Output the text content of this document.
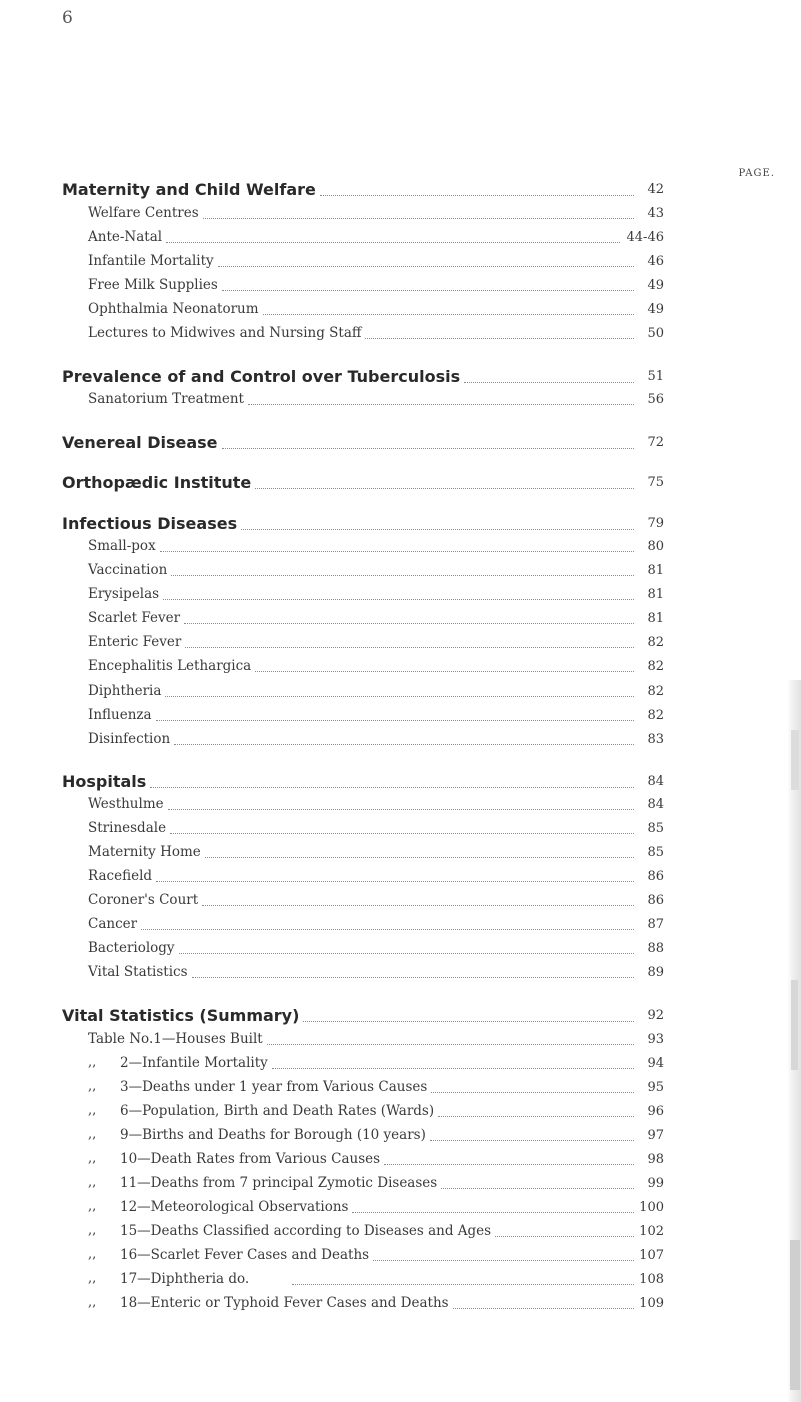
6
PAGE.
Maternity and Child Welfare	42
Welfare Centres	43
Ante-Natal	44-46
Infantile Mortality	46
Free Milk Supplies	49
Ophthalmia Neonatorum	49
Lectures to Midwives and Nursing Staff	50
Prevalence of and Control over Tuberculosis	51
Sanatorium Treatment	56
Venereal Disease	72
Orthopædic Institute	75
Infectious Diseases	79
Small-pox	80
Vaccination	81
Erysipelas	81
Scarlet Fever	81
Enteric Fever	82
Encephalitis Lethargica	82
Diphtheria	82
Influenza	82
Disinfection	83
Hospitals	84
Westhulme	84
Strinesdale	85
Maternity Home	85
Racefield	86
Coroner's Court	86
Cancer	87
Bacteriology	88
Vital Statistics	89
Vital Statistics (Summary)	92
Table No.1—Houses Built	93
,,	2—Infantile Mortality	94
,,	3—Deaths under 1 year from Various Causes	95
,,	6—Population, Birth and Death Rates (Wards)	96
,,	9—Births and Deaths for Borough (10 years)	97
,,	10—Death Rates from Various Causes	98
,,	11—Deaths from 7 principal Zymotic Diseases	99
,,	12—Meteorological Observations	100
,,	15—Deaths Classified according to Diseases and Ages	102
,,	16—Scarlet Fever Cases and Deaths	107
,,	17—Diphtheria do.	108
,,	18—Enteric or Typhoid Fever Cases and Deaths	109
